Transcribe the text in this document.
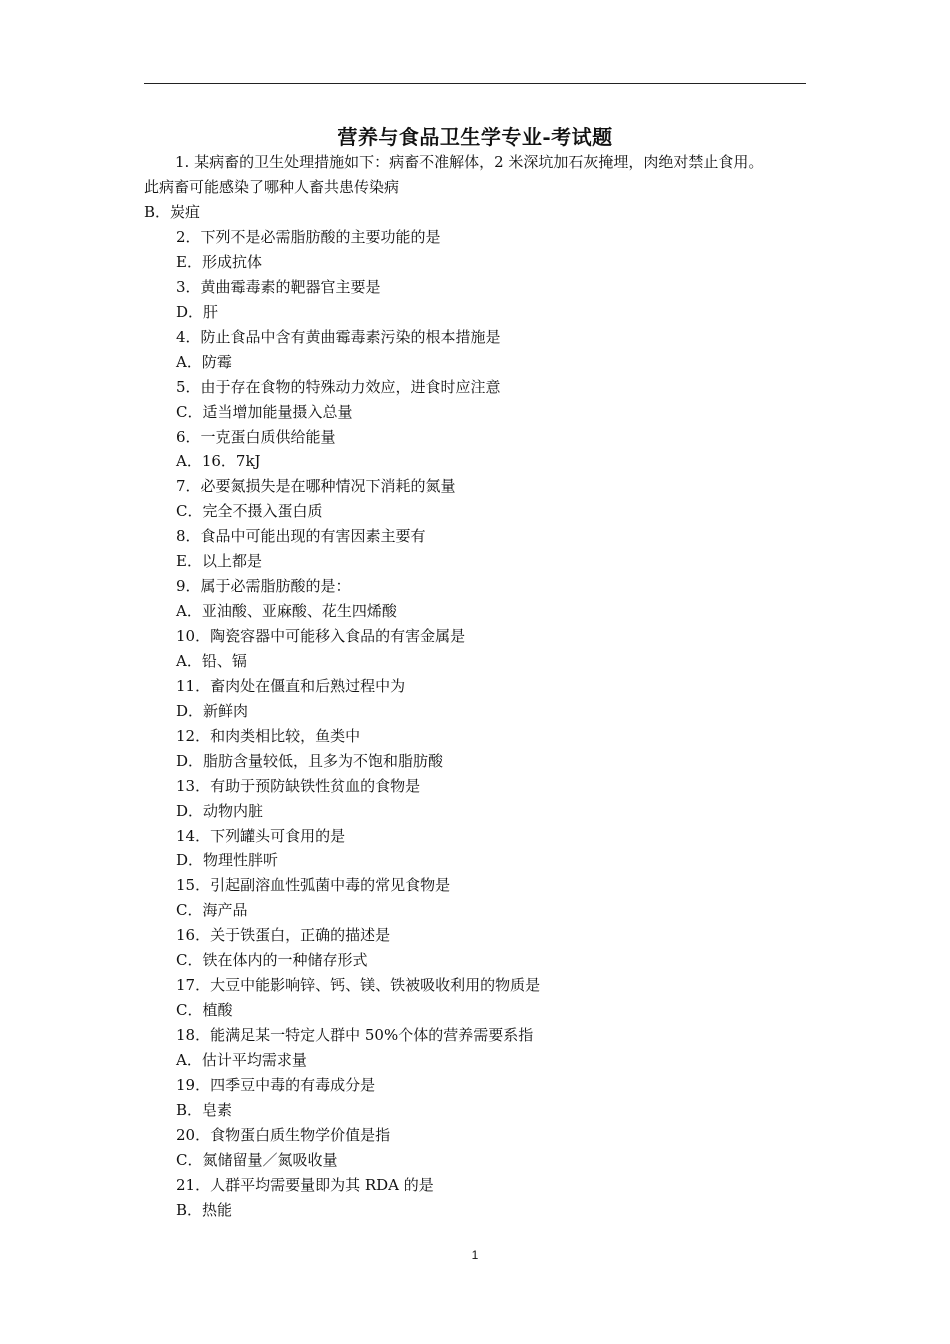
营养与食品卫生学专业-考试题
1. 某病畜的卫生处理措施如下：病畜不准解体，2 米深坑加石灰掩埋，肉绝对禁止食用。
此病畜可能感染了哪种人畜共患传染病
B．炭疽
2．下列不是必需脂肪酸的主要功能的是
E．形成抗体
3．黄曲霉毒素的靶器官主要是
D．肝
4．防止食品中含有黄曲霉毒素污染的根本措施是
A．防霉
5．由于存在食物的特殊动力效应，进食时应注意
C．适当增加能量摄入总量
6．一克蛋白质供给能量
A．16．7kJ
7．必要氮损失是在哪种情况下消耗的氮量
C．完全不摄入蛋白质
8．食品中可能出现的有害因素主要有
E．以上都是
9．属于必需脂肪酸的是：
A．亚油酸、亚麻酸、花生四烯酸
10．陶瓷容器中可能移入食品的有害金属是
A．铅、镉
11．畜肉处在僵直和后熟过程中为
D．新鲜肉
12．和肉类相比较，鱼类中
D．脂肪含量较低，且多为不饱和脂肪酸
13．有助于预防缺铁性贫血的食物是
D．动物内脏
14．下列罐头可食用的是
D．物理性胖听
15．引起副溶血性弧菌中毒的常见食物是
C．海产品
16．关于铁蛋白，正确的描述是
C．铁在体内的一种储存形式
17．大豆中能影响锌、钙、镁、铁被吸收利用的物质是
C．植酸
18．能满足某一特定人群中 50%个体的营养需要系指
A．估计平均需求量
19．四季豆中毒的有毒成分是
B．皂素
20．食物蛋白质生物学价值是指
C．氮储留量／氮吸收量
21．人群平均需要量即为其 RDA 的是
B．热能
1
